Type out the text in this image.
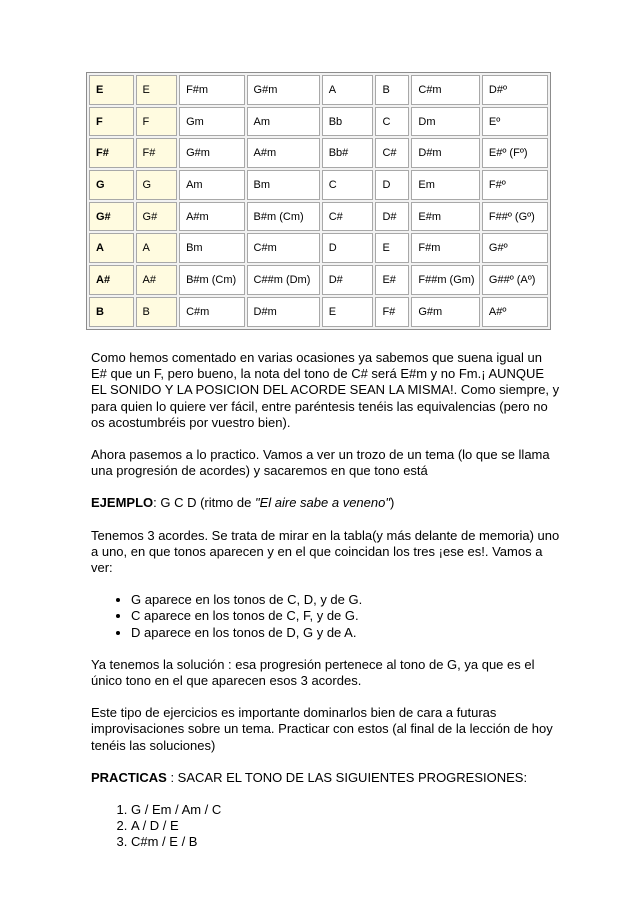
E	E	F#m	G#m	A	B	C#m	D#º
F	F	Gm	Am	Bb	C	Dm	Eº
F#	F#	G#m	A#m	Bb#	C#	D#m	E#º (Fº)
G	G	Am	Bm	C	D	Em	F#º
G#	G#	A#m	B#m (Cm)	C#	D#	E#m	F##º (Gº)
A	A	Bm	C#m	D	E	F#m	G#º
A#	A#	B#m (Cm)	C##m (Dm)	D#	E#	F##m (Gm)	G##º (Aº)
B	B	C#m	D#m	E	F#	G#m	A#º

Como hemos comentado en varias ocasiones ya sabemos que suena igual un E# que un F, pero bueno, la nota del tono de C# será E#m y no Fm.¡ AUNQUE EL SONIDO Y LA POSICION DEL ACORDE SEAN LA MISMA!. Como siempre, y para quien lo quiere ver fácil, entre paréntesis tenéis las equivalencias (pero no os acostumbréis por vuestro bien).

Ahora pasemos a lo practico. Vamos a ver un trozo de un tema (lo que se llama una progresión de acordes) y sacaremos en que tono está

EJEMPLO: G C D (ritmo de "El aire sabe a veneno")

Tenemos 3 acordes. Se trata de mirar en la tabla(y más delante de memoria) uno a uno, en que tonos aparecen y en el que coincidan los tres ¡ese es!. Vamos a ver:

• G aparece en los tonos de C, D, y de G.
• C aparece en los tonos de C, F, y de G.
• D aparece en los tonos de D, G y de A.

Ya tenemos la solución : esa progresión pertenece al tono de G, ya que es el único tono en el que aparecen esos 3 acordes.

Este tipo de ejercicios es importante dominarlos bien de cara a futuras improvisaciones sobre un tema. Practicar con estos (al final de la lección de hoy tenéis las soluciones)

PRACTICAS : SACAR EL TONO DE LAS SIGUIENTES PROGRESIONES:

1. G / Em / Am / C
2. A / D / E
3. C#m / E / B
